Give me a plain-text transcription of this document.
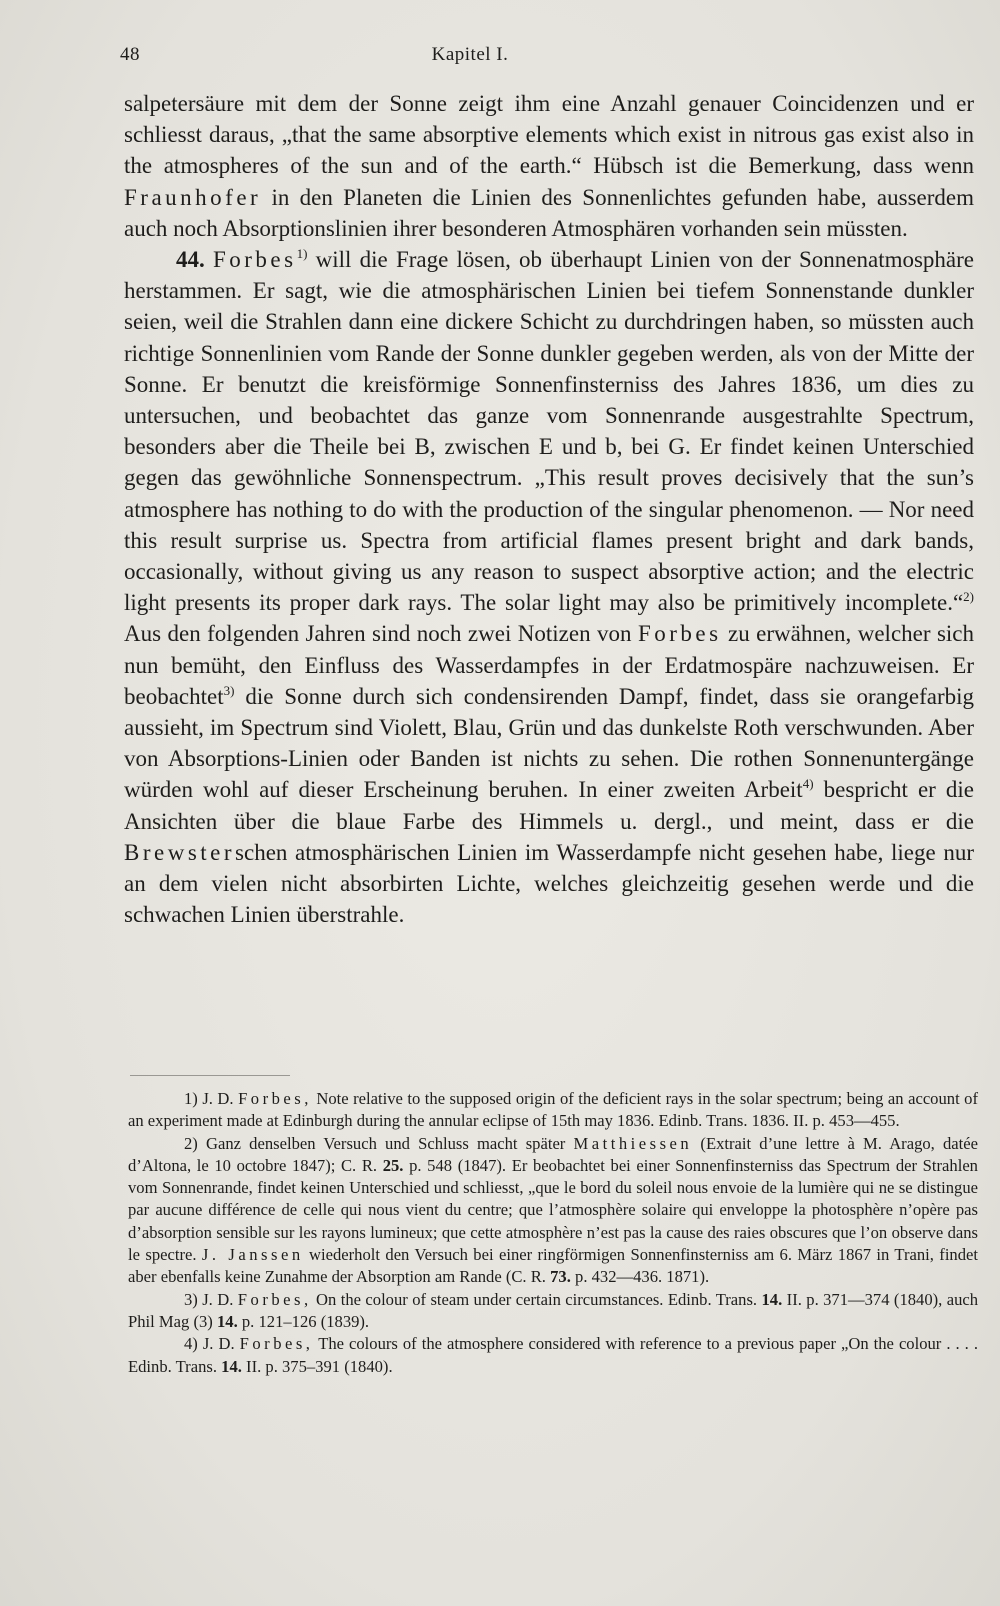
48	Kapitel I.

salpetersäure mit dem der Sonne zeigt ihm eine Anzahl genauer Coincidenzen und er schliesst daraus, „that the same absorptive elements which exist in nitrous gas exist also in the atmospheres of the sun and of the earth.“ Hübsch ist die Bemerkung, dass wenn Fraunhofer in den Planeten die Linien des Sonnenlichtes gefunden habe, ausserdem auch noch Absorptionslinien ihrer besonderen Atmosphären vorhanden sein müssten.

44. Forbes$^{1)}$ will die Frage lösen, ob überhaupt Linien von der Sonnenatmosphäre herstammen. Er sagt, wie die atmosphärischen Linien bei tiefem Sonnenstande dunkler seien, weil die Strahlen dann eine dickere Schicht zu durchdringen haben, so müssten auch richtige Sonnenlinien vom Rande der Sonne dunkler gegeben werden, als von der Mitte der Sonne. Er benutzt die kreisförmige Sonnenfinsterniss des Jahres 1836, um dies zu untersuchen, und beobachtet das ganze vom Sonnenrande ausgestrahlte Spectrum, besonders aber die Theile bei B, zwischen E und b, bei G. Er findet keinen Unterschied gegen das gewöhnliche Sonnenspectrum. „This result proves decisively that the sun’s atmosphere has nothing to do with the production of the singular phenomenon. — Nor need this result surprise us. Spectra from artificial flames present bright and dark bands, occasionally, without giving us any reason to suspect absorptive action; and the electric light presents its proper dark rays. The solar light may also be primitively incomplete.“$^{2)}$ Aus den folgenden Jahren sind noch zwei Notizen von Forbes zu erwähnen, welcher sich nun bemüht, den Einfluss des Wasserdampfes in der Erdatmospäre nachzuweisen. Er beobachtet$^{3)}$ die Sonne durch sich condensirenden Dampf, findet, dass sie orangefarbig aussieht, im Spectrum sind Violett, Blau, Grün und das dunkelste Roth verschwunden. Aber von Absorptions-Linien oder Banden ist nichts zu sehen. Die rothen Sonnenuntergänge würden wohl auf dieser Erscheinung beruhen. In einer zweiten Arbeit$^{4)}$ bespricht er die Ansichten über die blaue Farbe des Himmels u. dergl., und meint, dass er die Brewsterschen atmosphärischen Linien im Wasserdampfe nicht gesehen habe, liege nur an dem vielen nicht absorbirten Lichte, welches gleichzeitig gesehen werde und die schwachen Linien überstrahle.

1) J. D. Forbes, Note relative to the supposed origin of the deficient rays in the solar spectrum; being an account of an experiment made at Edinburgh during the annular eclipse of 15th may 1836. Edinb. Trans. 1836. II. p. 453—455.

2) Ganz denselben Versuch und Schluss macht später Matthiessen (Extrait d’une lettre à M. Arago, datée d’Altona, le 10 octobre 1847); C. R. 25. p. 548 (1847). Er beobachtet bei einer Sonnenfinsterniss das Spectrum der Strahlen vom Sonnenrande, findet keinen Unterschied und schliesst, „que le bord du soleil nous envoie de la lumière qui ne se distingue par aucune différence de celle qui nous vient du centre; que l’atmosphère solaire qui enveloppe la photosphère n’opère pas d’absorption sensible sur les rayons lumineux; que cette atmosphère n’est pas la cause des raies obscures que l’on observe dans le spectre. J. Janssen wiederholt den Versuch bei einer ringförmigen Sonnenfinsterniss am 6. März 1867 in Trani, findet aber ebenfalls keine Zunahme der Absorption am Rande (C. R. 73. p. 432—436. 1871).

3) J. D. Forbes, On the colour of steam under certain circumstances. Edinb. Trans. 14. II. p. 371—374 (1840), auch Phil Mag (3) 14. p. 121–126 (1839).

4) J. D. Forbes, The colours of the atmosphere considered with reference to a previous paper „On the colour . . . . Edinb. Trans. 14. II. p. 375–391 (1840).
